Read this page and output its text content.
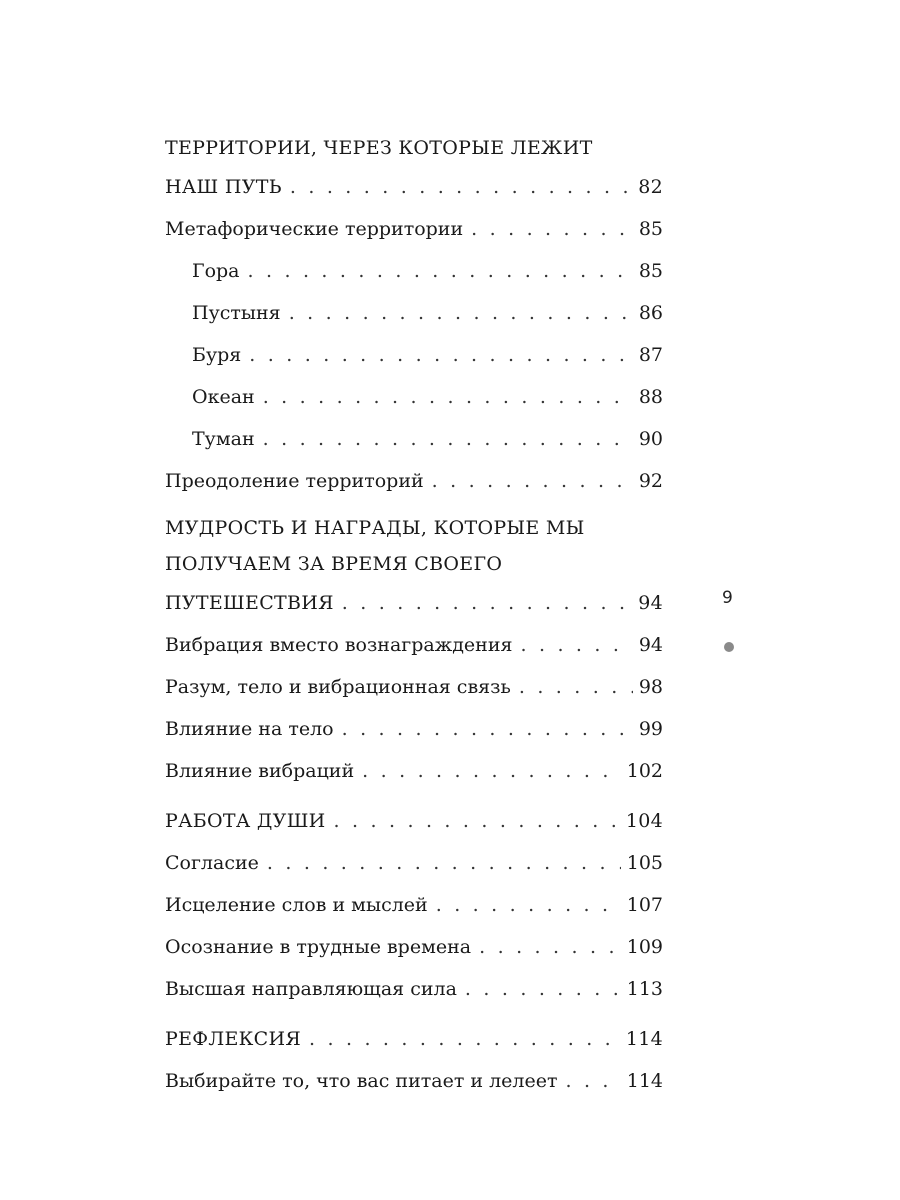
ТЕРРИТОРИИ, ЧЕРЕЗ КОТОРЫЕ ЛЕЖИТ
НАШ ПУТЬ . . .	82
Метафорические территории . . .	85
Гора . . .	85
Пустыня . . .	86
Буря . . .	87
Океан . . .	88
Туман . . .	90
Преодоление территорий . . .	92
МУДРОСТЬ И НАГРАДЫ, КОТОРЫЕ МЫ
ПОЛУЧАЕМ ЗА ВРЕМЯ СВОЕГО
ПУТЕШЕСТВИЯ . . .	94
Вибрация вместо вознаграждения . . .	94
Разум, тело и вибрационная связь . . .	98
Влияние на тело . . .	99
Влияние вибраций . . .	102
РАБОТА ДУШИ . . .	104
Согласие . . .	105
Исцеление слов и мыслей . . .	107
Осознание в трудные времена . . .	109
Высшая направляющая сила . . .	113
РЕФЛЕКСИЯ . . .	114
Выбирайте то, что вас питает и лелеет . . .	114
9
